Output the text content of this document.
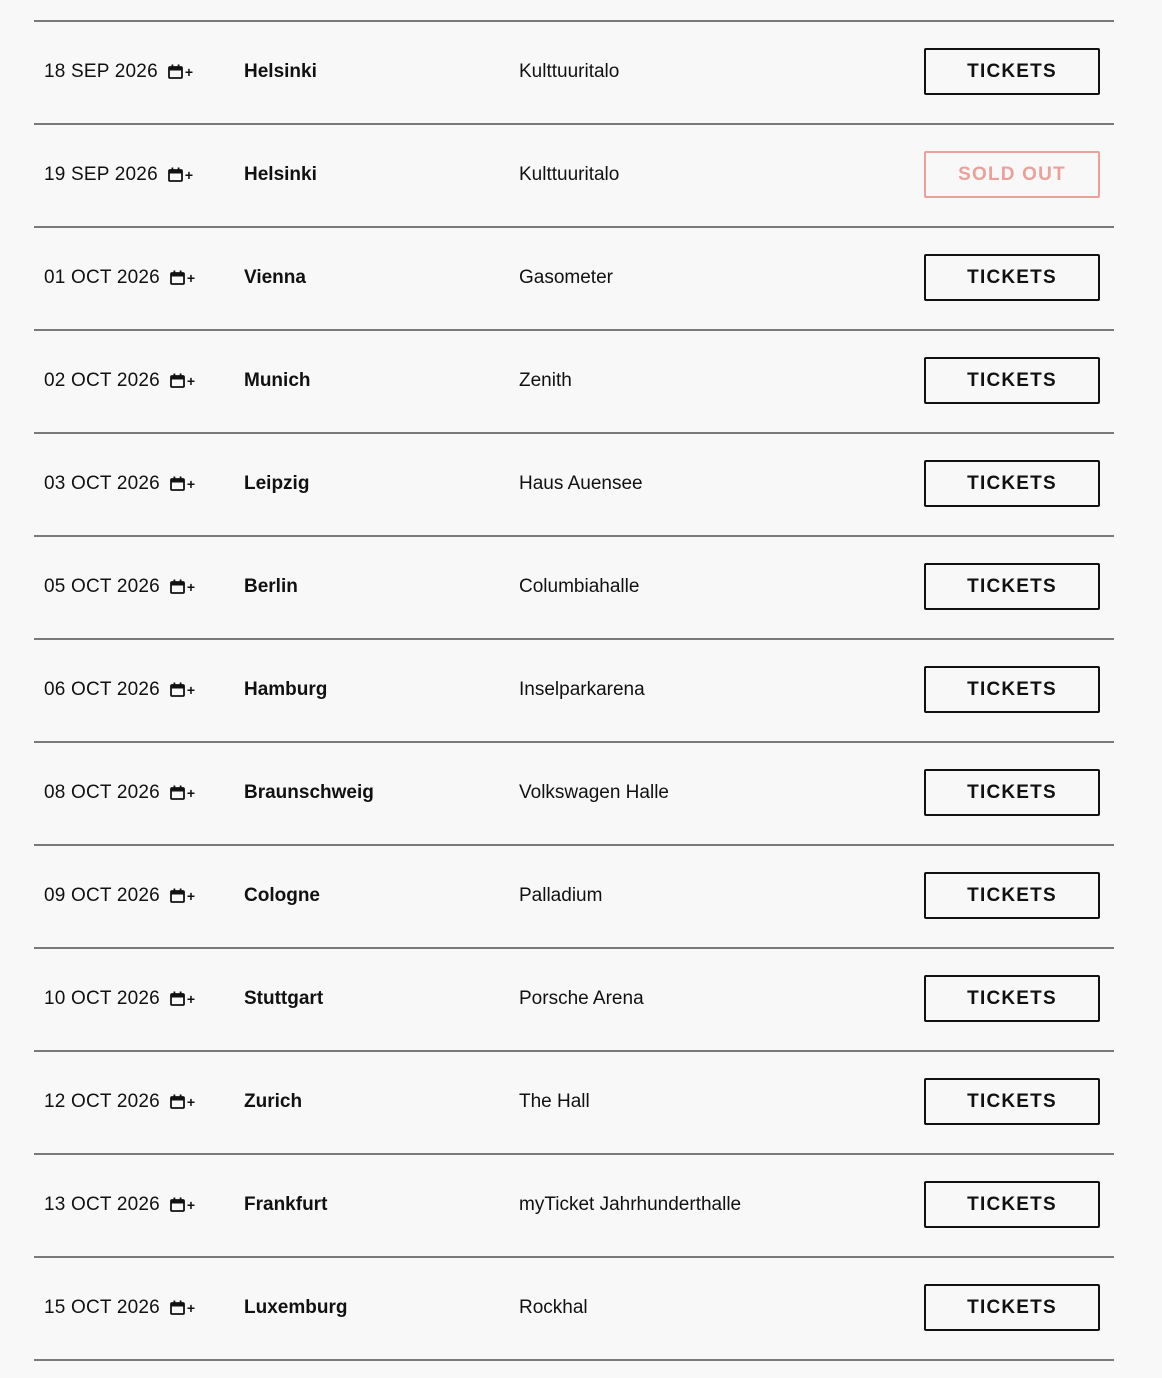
18 SEP 2026 +	Helsinki	Kulttuuritalo	TICKETS
19 SEP 2026 +	Helsinki	Kulttuuritalo	SOLD OUT
01 OCT 2026 +	Vienna	Gasometer	TICKETS
02 OCT 2026 +	Munich	Zenith	TICKETS
03 OCT 2026 +	Leipzig	Haus Auensee	TICKETS
05 OCT 2026 +	Berlin	Columbiahalle	TICKETS
06 OCT 2026 +	Hamburg	Inselparkarena	TICKETS
08 OCT 2026 +	Braunschweig	Volkswagen Halle	TICKETS
09 OCT 2026 +	Cologne	Palladium	TICKETS
10 OCT 2026 +	Stuttgart	Porsche Arena	TICKETS
12 OCT 2026 +	Zurich	The Hall	TICKETS
13 OCT 2026 +	Frankfurt	myTicket Jahrhunderthalle	TICKETS
15 OCT 2026 +	Luxemburg	Rockhal	TICKETS
